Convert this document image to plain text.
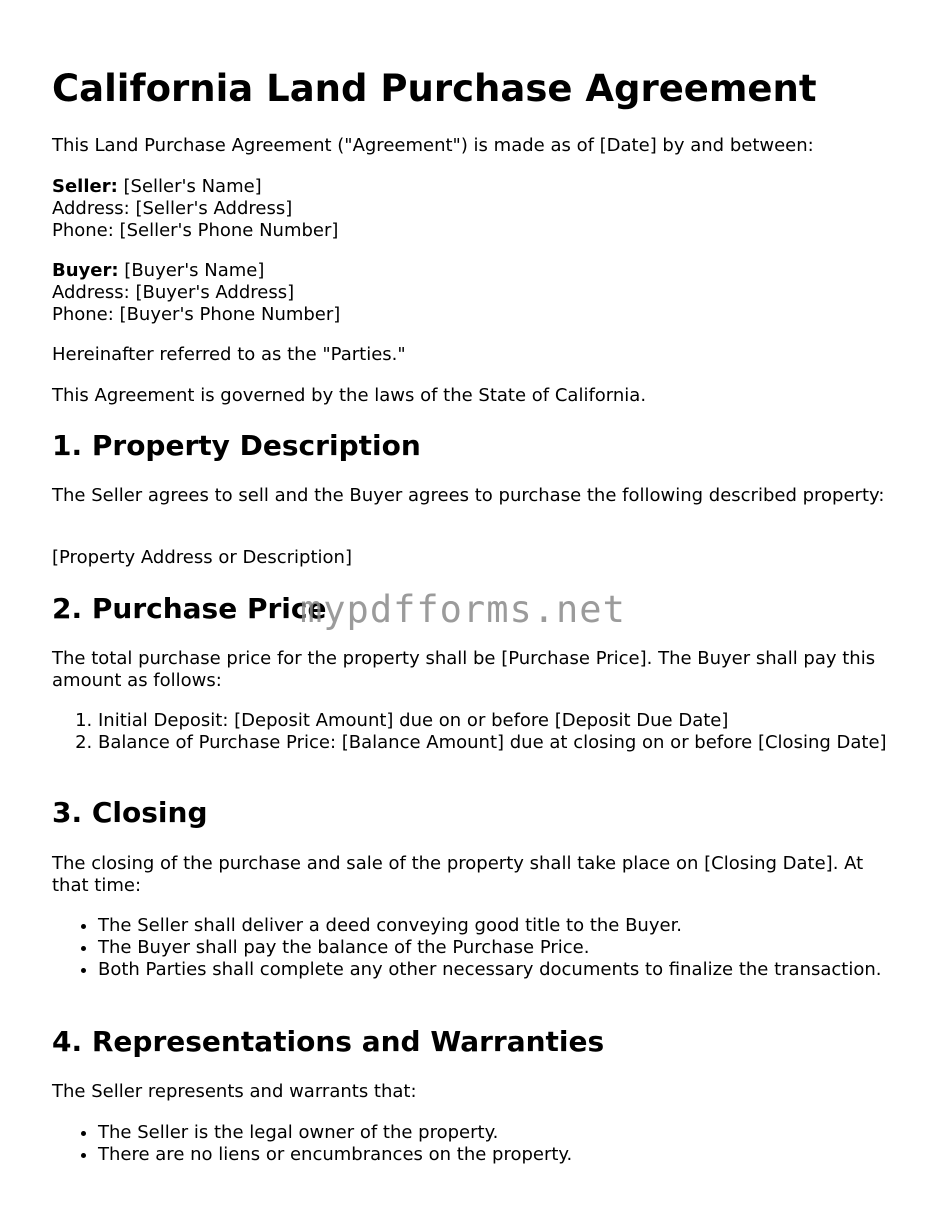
California Land Purchase Agreement

This Land Purchase Agreement ("Agreement") is made as of [Date] by and between:

Seller: [Seller's Name]
Address: [Seller's Address]
Phone: [Seller's Phone Number]

Buyer: [Buyer's Name]
Address: [Buyer's Address]
Phone: [Buyer's Phone Number]

Hereinafter referred to as the "Parties."

This Agreement is governed by the laws of the State of California.

1. Property Description

The Seller agrees to sell and the Buyer agrees to purchase the following described property:

[Property Address or Description]

2. Purchase Price

The total purchase price for the property shall be [Purchase Price]. The Buyer shall pay this amount as follows:

1. Initial Deposit: [Deposit Amount] due on or before [Deposit Due Date]
2. Balance of Purchase Price: [Balance Amount] due at closing on or before [Closing Date]
3. Closing

The closing of the purchase and sale of the property shall take place on [Closing Date]. At that time:

• The Seller shall deliver a deed conveying good title to the Buyer.
• The Buyer shall pay the balance of the Purchase Price.
• Both Parties shall complete any other necessary documents to finalize the transaction.
4. Representations and Warranties

The Seller represents and warrants that:

• The Seller is the legal owner of the property.
• There are no liens or encumbrances on the property.
mypdfforms.net
